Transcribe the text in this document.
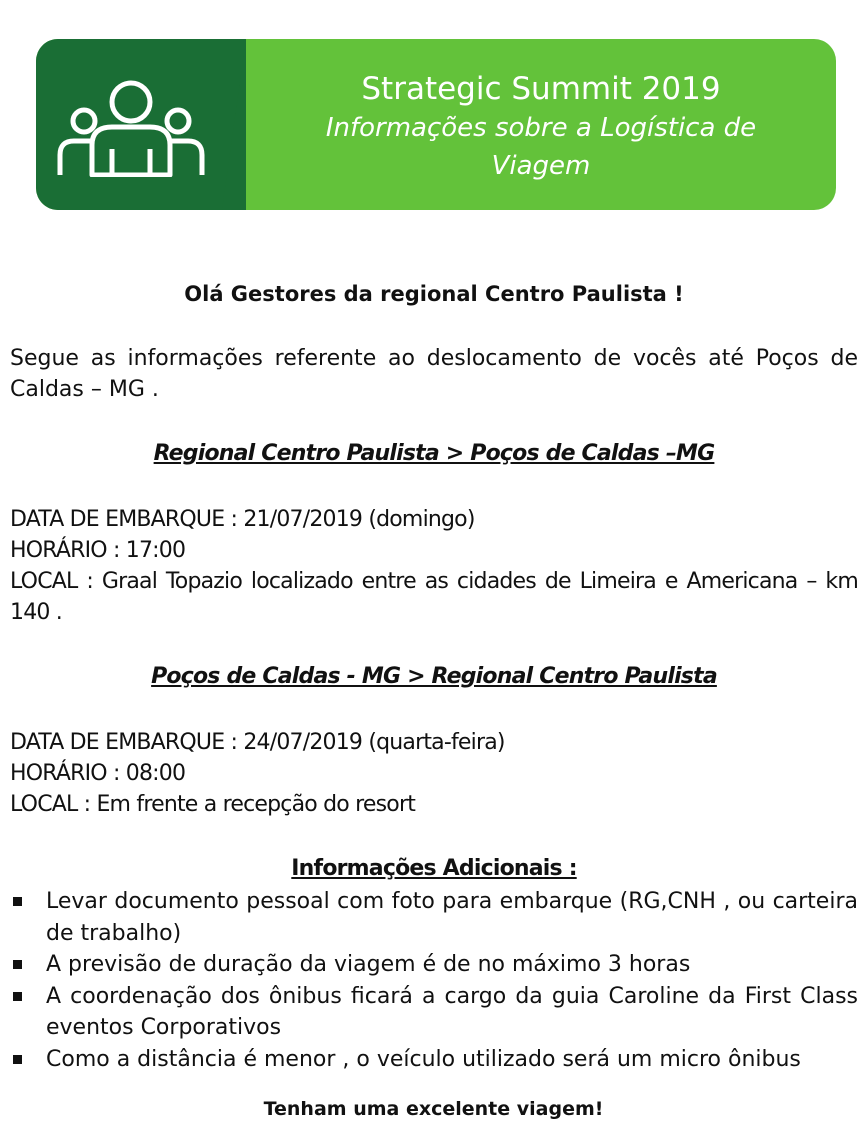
Strategic Summit 2019
Informações sobre a Logística de Viagem
Olá Gestores da regional Centro Paulista !
Segue as informações referente ao deslocamento de vocês até Poços de Caldas – MG .
Regional Centro Paulista > Poços de Caldas –MG
DATA DE EMBARQUE : 21/07/2019 (domingo)
HORÁRIO : 17:00
LOCAL : Graal Topazio localizado entre as cidades de Limeira e Americana – km 140 .
Poços de Caldas - MG > Regional Centro Paulista
DATA DE EMBARQUE : 24/07/2019 (quarta-feira)
HORÁRIO : 08:00
LOCAL : Em frente a recepção do resort
Informações Adicionais :
Levar documento pessoal com foto para embarque (RG,CNH , ou carteira de trabalho)
A previsão de duração da viagem é de no máximo 3 horas
A coordenação dos ônibus ficará a cargo da guia Caroline da First Class eventos Corporativos
Como a distância é menor , o veículo utilizado será um micro ônibus
Tenham uma excelente viagem!
